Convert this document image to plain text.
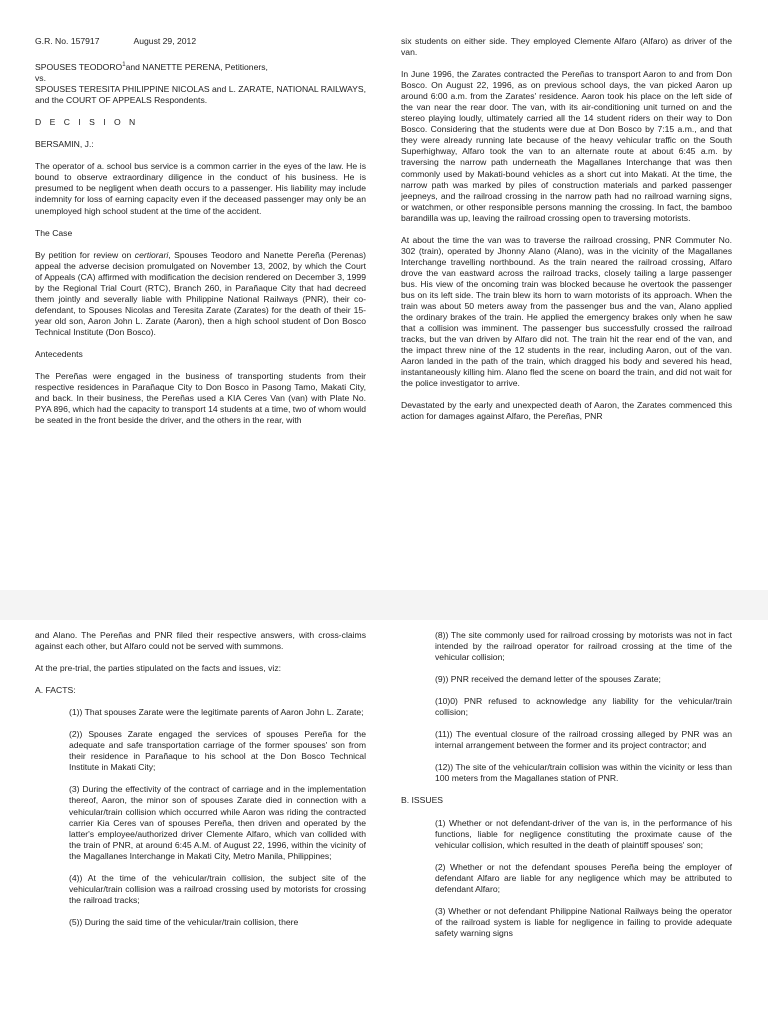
G.R. No. 157917	August 29, 2012

SPOUSES TEODORO$^1$and NANETTE PERENA, Petitioners,
vs.
SPOUSES TERESITA PHILIPPINE NICOLAS and L. ZARATE, NATIONAL RAILWAYS, and the COURT OF APPEALS Respondents.

D E C I S I O N

BERSAMIN, J.:

The operator of a. school bus service is a common carrier in the eyes of the law. He is bound to observe extraordinary diligence in the conduct of his business. He is presumed to be negligent when death occurs to a passenger. His liability may include indemnity for loss of earning capacity even if the deceased passenger may only be an unemployed high school student at the time of the accident.

The Case

By petition for review on certiorari, Spouses Teodoro and Nanette Pereña (Perenas) appeal the adverse decision promulgated on November 13, 2002, by which the Court of Appeals (CA) affirmed with modification the decision rendered on December 3, 1999 by the Regional Trial Court (RTC), Branch 260, in Parañaque City that had decreed them jointly and severally liable with Philippine National Railways (PNR), their co-defendant, to Spouses Nicolas and Teresita Zarate (Zarates) for the death of their 15-year old son, Aaron John L. Zarate (Aaron), then a high school student of Don Bosco Technical Institute (Don Bosco).

Antecedents

The Pereñas were engaged in the business of transporting students from their respective residences in Parañaque City to Don Bosco in Pasong Tamo, Makati City, and back. In their business, the Pereñas used a KIA Ceres Van (van) with Plate No. PYA 896, which had the capacity to transport 14 students at a time, two of whom would be seated in the front beside the driver, and the others in the rear, with

six students on either side. They employed Clemente Alfaro (Alfaro) as driver of the van.

In June 1996, the Zarates contracted the Pereñas to transport Aaron to and from Don Bosco. On August 22, 1996, as on previous school days, the van picked Aaron up around 6:00 a.m. from the Zarates' residence. Aaron took his place on the left side of the van near the rear door. The van, with its air-conditioning unit turned on and the stereo playing loudly, ultimately carried all the 14 student riders on their way to Don Bosco. Considering that the students were due at Don Bosco by 7:15 a.m., and that they were already running late because of the heavy vehicular traffic on the South Superhighway, Alfaro took the van to an alternate route at about 6:45 a.m. by traversing the narrow path underneath the Magallanes Interchange that was then commonly used by Makati-bound vehicles as a short cut into Makati. At the time, the narrow path was marked by piles of construction materials and parked passenger jeepneys, and the railroad crossing in the narrow path had no railroad warning signs, or watchmen, or other responsible persons manning the crossing. In fact, the bamboo barandilla was up, leaving the railroad crossing open to traversing motorists.

At about the time the van was to traverse the railroad crossing, PNR Commuter No. 302 (train), operated by Jhonny Alano (Alano), was in the vicinity of the Magallanes Interchange travelling northbound. As the train neared the railroad crossing, Alfaro drove the van eastward across the railroad tracks, closely tailing a large passenger bus. His view of the oncoming train was blocked because he overtook the passenger bus on its left side. The train blew its horn to warn motorists of its approach. When the train was about 50 meters away from the passenger bus and the van, Alano applied the ordinary brakes of the train. He applied the emergency brakes only when he saw that a collision was imminent. The passenger bus successfully crossed the railroad tracks, but the van driven by Alfaro did not. The train hit the rear end of the van, and the impact threw nine of the 12 students in the rear, including Aaron, out of the van. Aaron landed in the path of the train, which dragged his body and severed his head, instantaneously killing him. Alano fled the scene on board the train, and did not wait for the police investigator to arrive.

Devastated by the early and unexpected death of Aaron, the Zarates commenced this action for damages against Alfaro, the Pereñas, PNR

and Alano. The Pereñas and PNR filed their respective answers, with cross-claims against each other, but Alfaro could not be served with summons.

At the pre-trial, the parties stipulated on the facts and issues, viz:

A. FACTS:

(1)) That spouses Zarate were the legitimate parents of Aaron John L. Zarate;

(2)) Spouses Zarate engaged the services of spouses Pereña for the adequate and safe transportation carriage of the former spouses' son from their residence in Parañaque to his school at the Don Bosco Technical Institute in Makati City;

(3) During the effectivity of the contract of carriage and in the implementation thereof, Aaron, the minor son of spouses Zarate died in connection with a vehicular/train collision which occurred while Aaron was riding the contracted carrier Kia Ceres van of spouses Pereña, then driven and operated by the latter's employee/authorized driver Clemente Alfaro, which van collided with the train of PNR, at around 6:45 A.M. of August 22, 1996, within the vicinity of the Magallanes Interchange in Makati City, Metro Manila, Philippines;

(4)) At the time of the vehicular/train collision, the subject site of the vehicular/train collision was a railroad crossing used by motorists for crossing the railroad tracks;

(5)) During the said time of the vehicular/train collision, there

(8)) The site commonly used for railroad crossing by motorists was not in fact intended by the railroad operator for railroad crossing at the time of the vehicular collision;

(9)) PNR received the demand letter of the spouses Zarate;

(10)0) PNR refused to acknowledge any liability for the vehicular/train collision;

(11)) The eventual closure of the railroad crossing alleged by PNR was an internal arrangement between the former and its project contractor; and

(12)) The site of the vehicular/train collision was within the vicinity or less than 100 meters from the Magallanes station of PNR.

B. ISSUES

(1) Whether or not defendant-driver of the van is, in the performance of his functions, liable for negligence constituting the proximate cause of the vehicular collision, which resulted in the death of plaintiff spouses' son;

(2) Whether or not the defendant spouses Pereña being the employer of defendant Alfaro are liable for any negligence which may be attributed to defendant Alfaro;

(3) Whether or not defendant Philippine National Railways being the operator of the railroad system is liable for negligence in failing to provide adequate safety warning signs
